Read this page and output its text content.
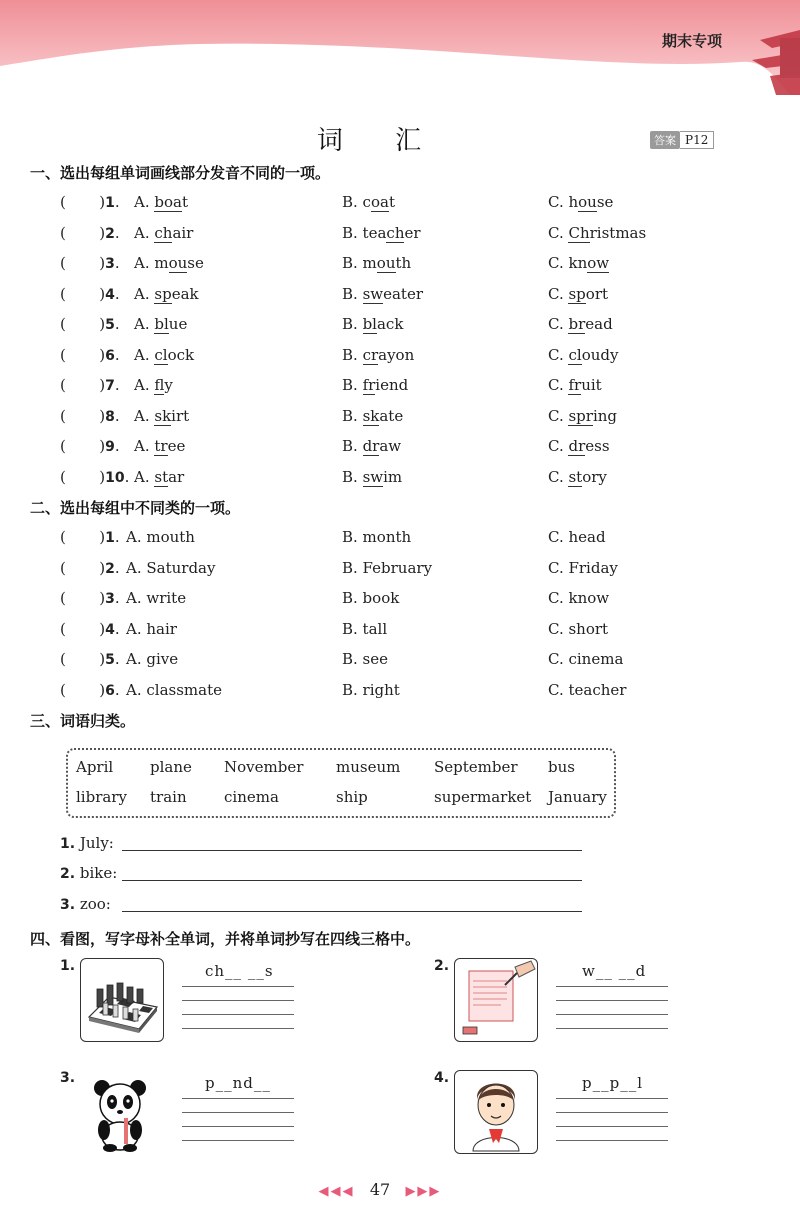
期末专项
词 汇	答案 P12
一、选出每组单词画线部分发音不同的一项。
(       )1. A. boat	B. coat	C. house
(       )2. A. chair	B. teacher	C. Christmas
(       )3. A. mouse	B. mouth	C. know
(       )4. A. speak	B. sweater	C. sport
(       )5. A. blue	B. black	C. bread
(       )6. A. clock	B. crayon	C. cloudy
(       )7. A. fly	B. friend	C. fruit
(       )8. A. skirt	B. skate	C. spring
(       )9. A. tree	B. draw	C. dress
(       )10. A. star	B. swim	C. story
二、选出每组中不同类的一项。
(       )1. A. mouth	B. month	C. head
(       )2. A. Saturday	B. February	C. Friday
(       )3. A. write	B. book	C. know
(       )4. A. hair	B. tall	C. short
(       )5. A. give	B. see	C. cinema
(       )6. A. classmate	B. right	C. teacher
三、词语归类。
April plane November museum September bus
library train cinema	ship	supermarket January
1. July:
2. bike:
3. zoo:
四、看图，写字母补全单词，并将单词抄写在四线三格中。
1.	ch__ __s	2.	w__ __d
3.	p__nd__	4.	p__p__l
◀◀◀ 47 ▶▶▶
